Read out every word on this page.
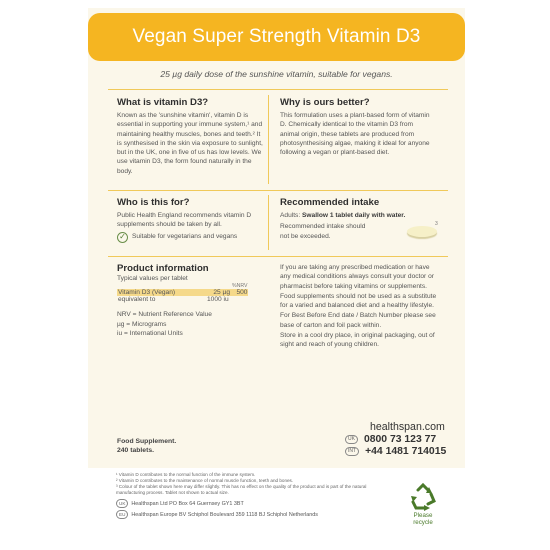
Vegan Super Strength Vitamin D3
25 µg daily dose of the sunshine vitamin, suitable for vegans.
What is vitamin D3?
Known as the 'sunshine vitamin', vitamin D is essential in supporting your immune system,¹ and maintaining healthy muscles, bones and teeth.² It is synthesised in the skin via exposure to sunlight, but in the UK, one in five of us has low levels. We use vitamin D3, the form found naturally in the body.
Why is ours better?
This formulation uses a plant-based form of vitamin D. Chemically identical to the vitamin D3 from animal origin, these tablets are produced from photosynthesising algae, making it ideal for anyone following a vegan or plant-based diet.
Who is this for?
Public Health England recommends vitamin D supplements should be taken by all.
✓ Suitable for vegetarians and vegans
Recommended intake
Adults: Swallow 1 tablet daily with water.
Recommended intake should not be exceeded.
3
Product information
Typical values per tablet
		%NRV
Vitamin D3 (Vegan)	25 µg	500
equivalent to	1000 iu	
NRV = Nutrient Reference Value
µg = Micrograms
iu = International Units
If you are taking any prescribed medication or have any medical conditions always consult your doctor or pharmacist before taking vitamins or supplements.
Food supplements should not be used as a substitute for a varied and balanced diet and a healthy lifestyle.
For Best Before End date / Batch Number please see base of carton and foil pack within.
Store in a cool dry place, in original packaging, out of sight and reach of young children.
healthspan.com
UK 0800 73 123 77
INT +44 1481 714015
Food Supplement.
240 tablets.
¹ Vitamin D contributes to the normal function of the immune system.
² Vitamin D contributes to the maintenance of normal muscle function, teeth and bones.
³ Colour of the tablet shown here may differ slightly. This has no effect on the quality of the product and is part of the natural manufacturing process. Tablet not shown to actual size.
UK	Healthspan Ltd PO Box 64 Guernsey GY1 3BT
EU	Healthspan Europe BV Schiphol Boulevard 359 1118 BJ Schiphol Netherlands	Please
recycle
